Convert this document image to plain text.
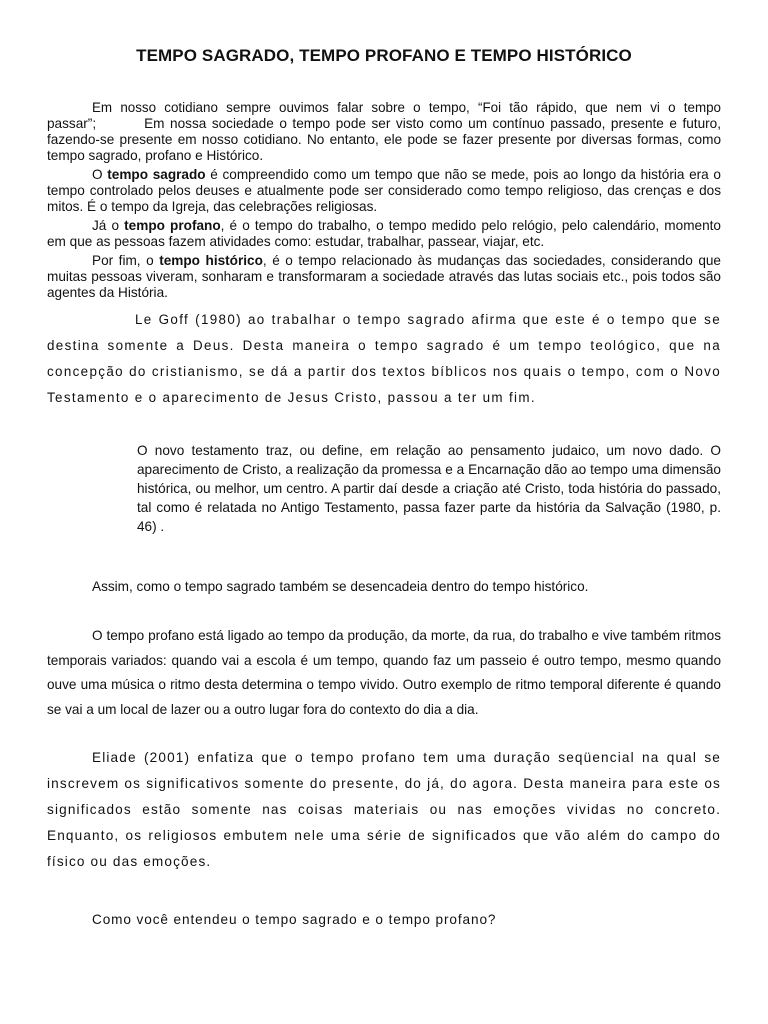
TEMPO SAGRADO, TEMPO PROFANO E TEMPO HISTÓRICO
Em nosso cotidiano sempre ouvimos falar sobre o tempo, “Foi tão rápido, que nem vi o tempo
passar”;	Em nossa sociedade o tempo pode ser visto como um contínuo passado, presente e futuro, fazendo-se presente em nosso cotidiano. No entanto, ele pode se fazer presente por diversas formas, como tempo sagrado, profano e Histórico.

O tempo sagrado é compreendido como um tempo que não se mede, pois ao longo da história era o tempo controlado pelos deuses e atualmente pode ser considerado como tempo religioso, das crenças e dos mitos. É o tempo da Igreja, das celebrações religiosas.

Já o tempo profano, é o tempo do trabalho, o tempo medido pelo relógio, pelo calendário, momento em que as pessoas fazem atividades como: estudar, trabalhar, passear, viajar, etc.

Por fim, o tempo histórico, é o tempo relacionado às mudanças das sociedades, considerando que muitas pessoas viveram, sonharam e transformaram a sociedade através das lutas sociais etc., pois todos são agentes da História.

Le Goff (1980) ao trabalhar o tempo sagrado afirma que este é o tempo que se destina somente a Deus. Desta maneira o tempo sagrado é um tempo teológico, que na concepção do cristianismo, se dá a partir dos textos bíblicos nos quais o tempo, com o Novo Testamento e o aparecimento de Jesus Cristo, passou a ter um fim.

O novo testamento traz, ou define, em relação ao pensamento judaico, um novo dado. O aparecimento de Cristo, a realização da promessa e a Encarnação dão ao tempo uma dimensão histórica, ou melhor, um centro. A partir daí desde a criação até Cristo, toda história do passado, tal como é relatada no Antigo Testamento, passa fazer parte da história da Salvação (1980, p. 46) .

Assim, como o tempo sagrado também se desencadeia dentro do tempo histórico.

O tempo profano está ligado ao tempo da produção, da morte, da rua, do trabalho e vive também ritmos temporais variados: quando vai a escola é um tempo, quando faz um passeio é outro tempo, mesmo quando ouve uma música o ritmo desta determina o tempo vivido. Outro exemplo de ritmo temporal diferente é quando se vai a um local de lazer ou a outro lugar fora do contexto do dia a dia.

Eliade (2001) enfatiza que o tempo profano tem uma duração seqüencial na qual se inscrevem os significativos somente do presente, do já, do agora. Desta maneira para este os significados estão somente nas coisas materiais ou nas emoções vividas no concreto. Enquanto, os religiosos embutem nele uma série de significados que vão além do campo do físico ou das emoções.

Como você entendeu o tempo sagrado e o tempo profano?
